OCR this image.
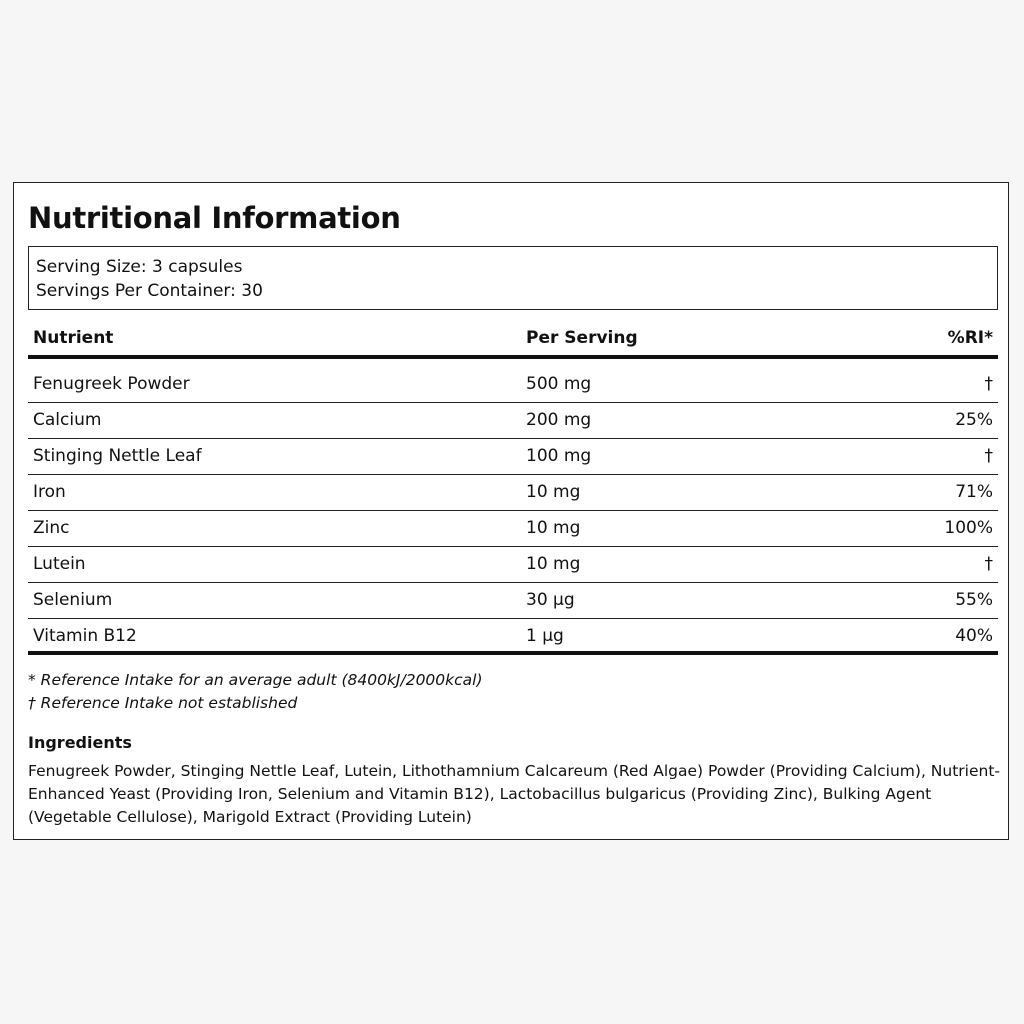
Nutritional Information
Serving Size: 3 capsules
Servings Per Container: 30
Nutrient	Per Serving	%RI*
Fenugreek Powder	500 mg	†
Calcium	200 mg	25%
Stinging Nettle Leaf	100 mg	†
Iron	10 mg	71%
Zinc	10 mg	100%
Lutein	10 mg	†
Selenium	30 µg	55%
Vitamin B12	1 µg	40%
* Reference Intake for an average adult (8400kJ/2000kcal)
† Reference Intake not established
Ingredients
Fenugreek Powder, Stinging Nettle Leaf, Lutein, Lithothamnium Calcareum (Red Algae) Powder (Providing Calcium), Nutrient-Enhanced Yeast (Providing Iron, Selenium and Vitamin B12), Lactobacillus bulgaricus (Providing Zinc), Bulking Agent (Vegetable Cellulose), Marigold Extract (Providing Lutein)
